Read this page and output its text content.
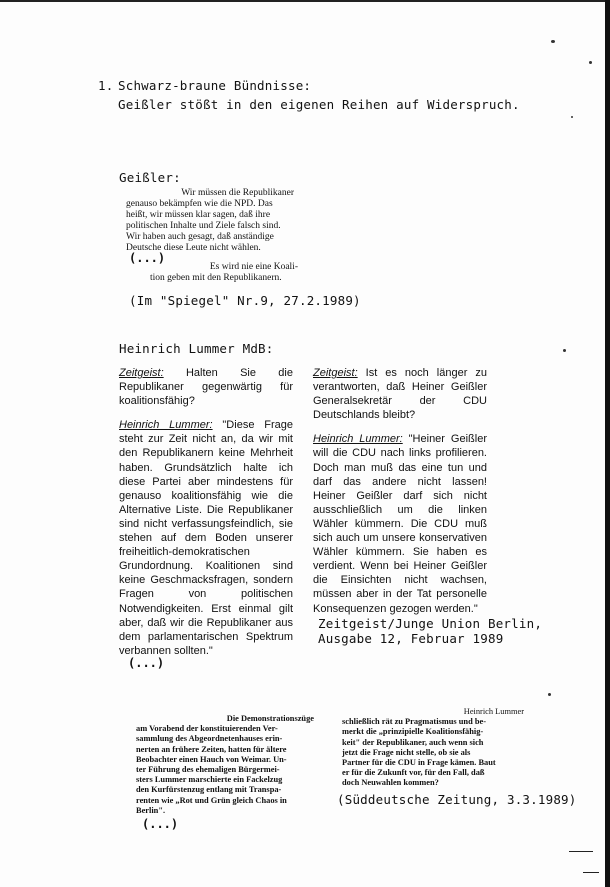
1. Schwarz-braune Bündnisse:
Geißler stößt in den eigenen Reihen auf Widerspruch.
Geißler:
Wir müssen die Republikaner
genauso bekämpfen wie die NPD. Das
heißt, wir müssen klar sagen, daß ihre
politischen Inhalte und Ziele falsch sind.
Wir haben auch gesagt, daß anständige
Deutsche diese Leute nicht wählen.
(...)
Es wird nie eine Koali-
tion geben mit den Republikanern.
(Im "Spiegel" Nr.9, 27.2.1989)
Heinrich Lummer MdB:

Zeitgeist: Halten Sie die Republikaner gegenwärtig für koalitionsfähig?

Heinrich Lummer: "Diese Frage steht zur Zeit nicht an, da wir mit den Republikanern keine Mehrheit haben. Grundsätzlich halte ich diese Partei aber mindestens für genauso koalitionsfähig wie die Alternative Liste. Die Republikaner sind nicht verfassungsfeindlich, sie stehen auf dem Boden unserer freiheitlich-demokratischen Grundordnung. Koalitionen sind keine Geschmacksfragen, sondern Fragen von politischen Notwendigkeiten. Erst einmal gilt aber, daß wir die Republikaner aus dem parlamentarischen Spektrum verbannen sollten."

(...)

Zeitgeist: Ist es noch länger zu verantworten, daß Heiner Geißler Generalsekretär der CDU Deutschlands bleibt?

Heinrich Lummer: "Heiner Geißler will die CDU nach links profilieren. Doch man muß das eine tun und darf das andere nicht lassen! Heiner Geißler darf sich nicht ausschließlich um die linken Wähler kümmern. Die CDU muß sich auch um unsere konservativen Wähler kümmern. Sie haben es verdient. Wenn bei Heiner Geißler die Einsichten nicht wachsen, müssen aber in der Tat personelle Konsequenzen gezogen werden."

Zeitgeist/Junge Union Berlin,
Ausgabe 12, Februar 1989
Die Demonstrationszüge
am Vorabend der konstituierenden Ver-
sammlung des Abgeordnetenhauses erin-
nerten an frühere Zeiten, hatten für ältere
Beobachter einen Hauch von Weimar. Un-
ter Führung des ehemaligen Bürgermei-
sters Lummer marschierte ein Fackelzug
den Kurfürstenzug entlang mit Transpa-
renten wie „Rot und Grün gleich Chaos in
Berlin".
(...)
Heinrich Lummer
schließlich rät zu Pragmatismus und be-
merkt die „prinzipielle Koalitionsfähig-
keit" der Republikaner, auch wenn sich
jetzt die Frage nicht stelle, ob sie als
Partner für die CDU in Frage kämen. Baut
er für die Zukunft vor, für den Fall, daß
doch Neuwahlen kommen?
(Süddeutsche Zeitung, 3.3.1989)
